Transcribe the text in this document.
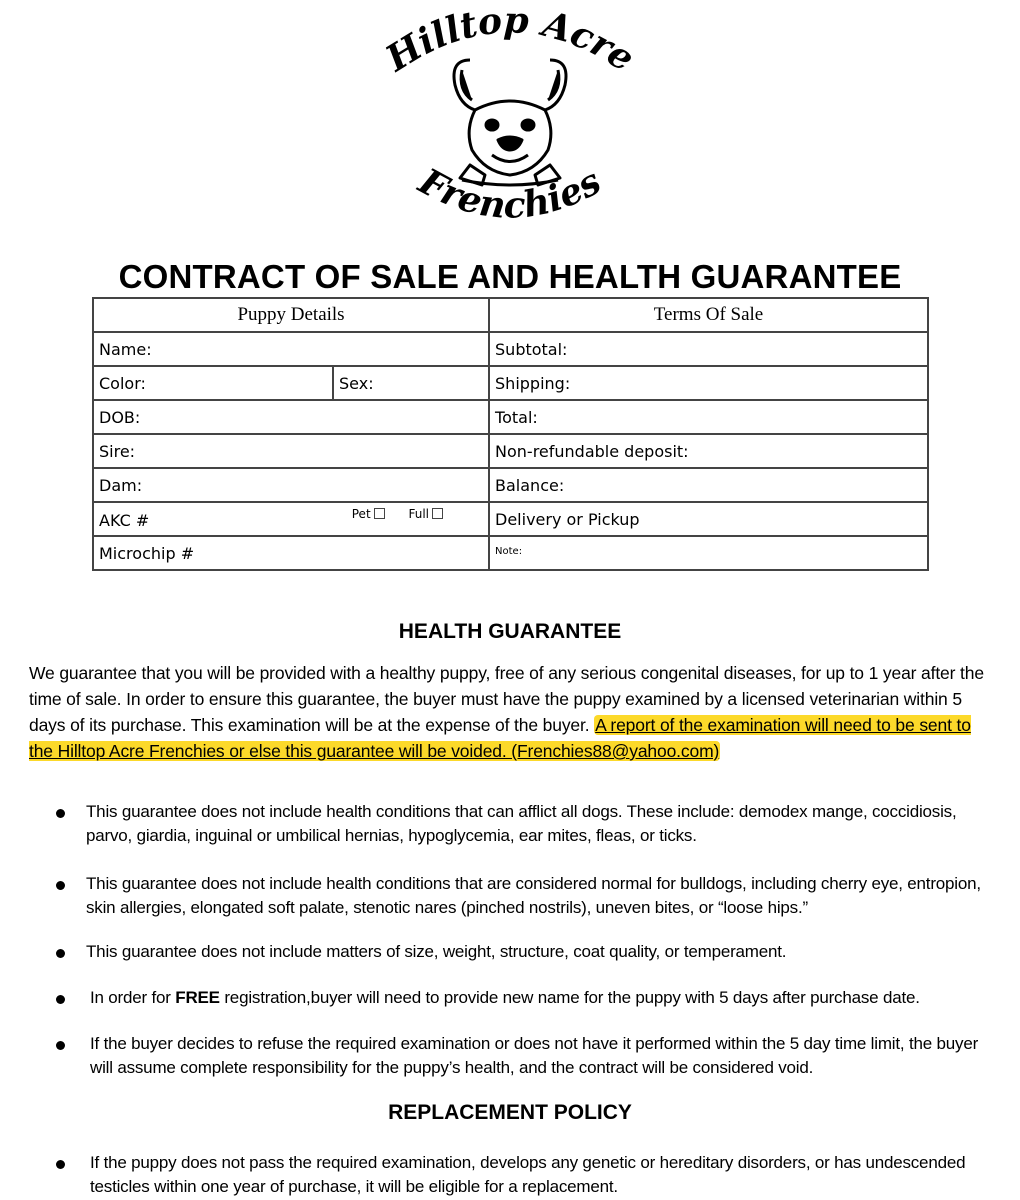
Hilltop Acre
Frenchies
CONTRACT OF SALE AND HEALTH GUARANTEE
Puppy Details		Terms Of Sale
Name:		Subtotal:
Color:	Sex:	Shipping:
DOB:		Total:
Sire:		Non-refundable deposit:
Dam:		Balance:

AKC # Pet Full		Delivery or Pickup
Microchip #		Note:
HEALTH GUARANTEE
We guarantee that you will be provided with a healthy puppy, free of any serious congenital diseases, for up to 1 year after the time of sale. In order to ensure this guarantee, the buyer must have the puppy examined by a licensed veterinarian within 5 days of its purchase. This examination will be at the expense of the buyer. A report of the examination will need to be sent to the Hilltop Acre Frenchies or else this guarantee will be voided. (Frenchies88@yahoo.com)
This guarantee does not include health conditions that can afflict all dogs. These include: demodex mange, coccidiosis, parvo, giardia, inguinal or umbilical hernias, hypoglycemia, ear mites, fleas, or ticks.
This guarantee does not include health conditions that are considered normal for bulldogs, including cherry eye, entropion, skin allergies, elongated soft palate, stenotic nares (pinched nostrils), uneven bites, or “loose hips.”
This guarantee does not include matters of size, weight, structure, coat quality, or temperament.
In order for FREE registration,buyer will need to provide new name for the puppy with 5 days after purchase date.
If the buyer decides to refuse the required examination or does not have it performed within the 5 day time limit, the buyer will assume complete responsibility for the puppy’s health, and the contract will be considered void.
REPLACEMENT POLICY
If the puppy does not pass the required examination, develops any genetic or hereditary disorders, or has undescended testicles within one year of purchase, it will be eligible for a replacement.
